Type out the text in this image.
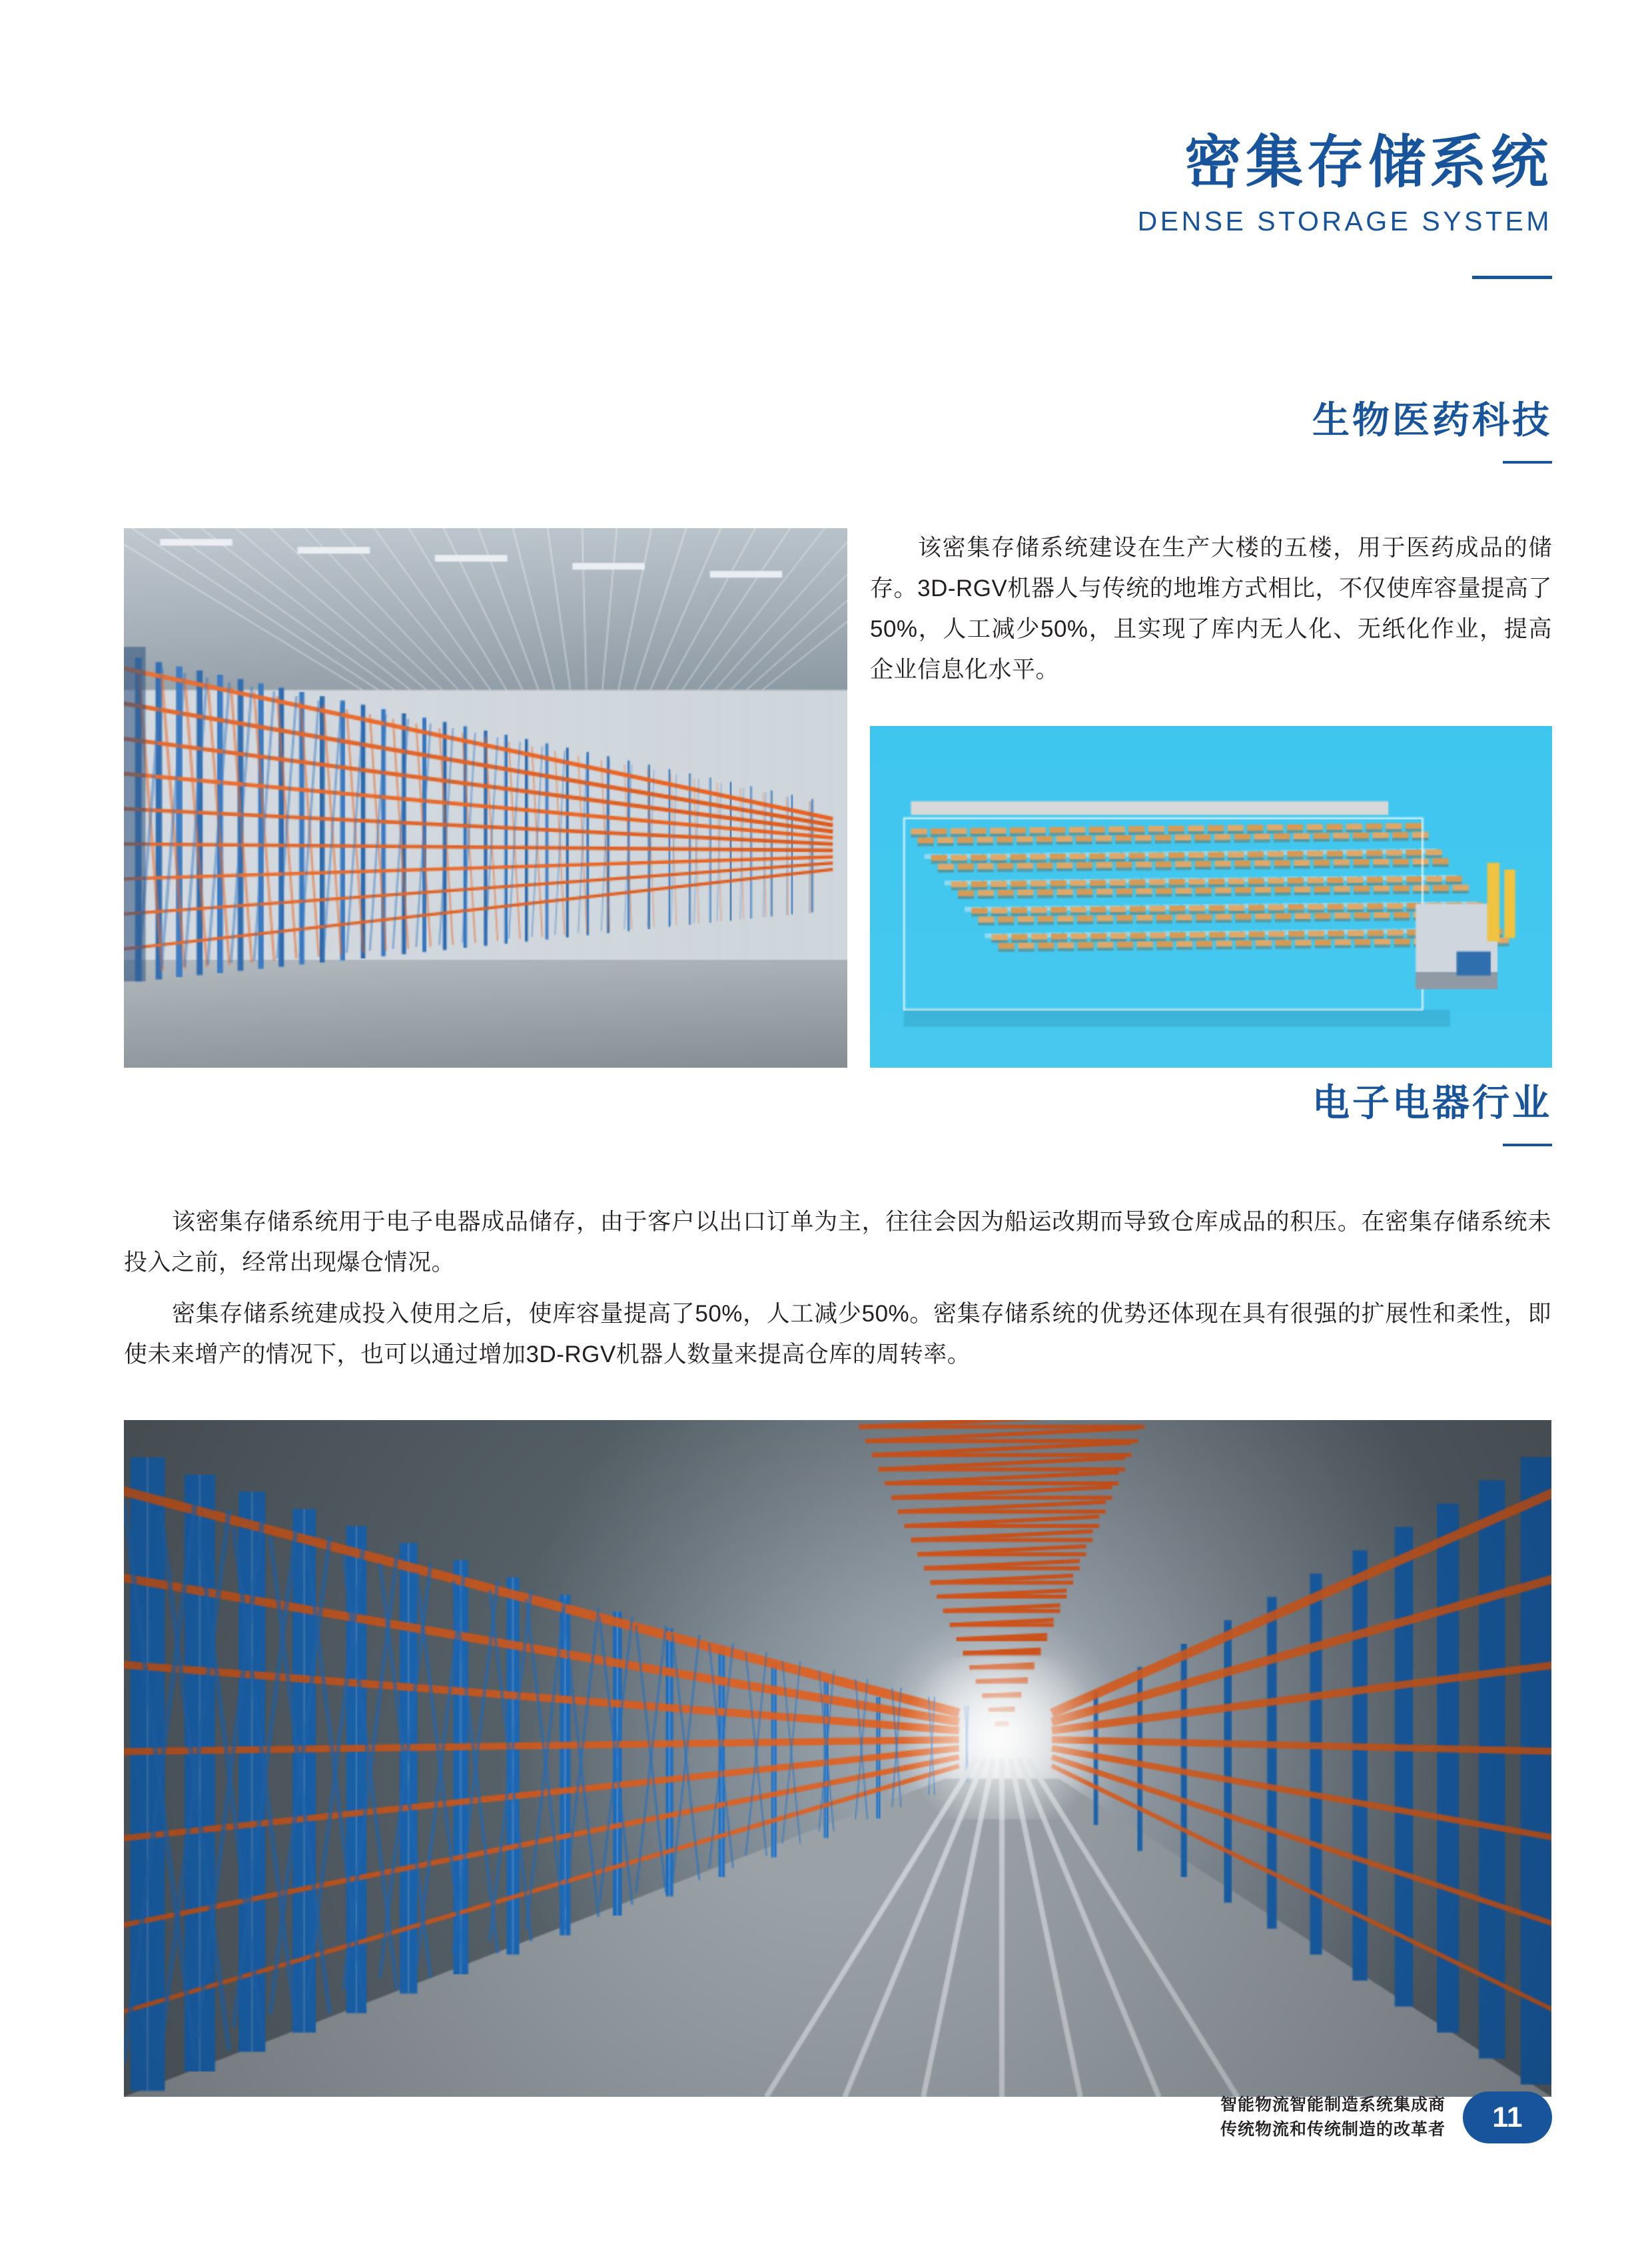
密集存储系统
DENSE STORAGE SYSTEM
生物医药科技
该密集存储系统建设在生产大楼的五楼，用于医药成品的储存。3D-RGV机器人与传统的地堆方式相比，不仅使库容量提高了50%，人工减少50%，且实现了库内无人化、无纸化作业，提高企业信息化水平。
电子电器行业
该密集存储系统用于电子电器成品储存，由于客户以出口订单为主，往往会因为船运改期而导致仓库成品的积压。在密集存储系统未投入之前，经常出现爆仓情况。
密集存储系统建成投入使用之后，使库容量提高了50%，人工减少50%。密集存储系统的优势还体现在具有很强的扩展性和柔性，即使未来增产的情况下，也可以通过增加3D-RGV机器人数量来提高仓库的周转率。
智能物流智能制造系统集成商
传统物流和传统制造的改革者	11
